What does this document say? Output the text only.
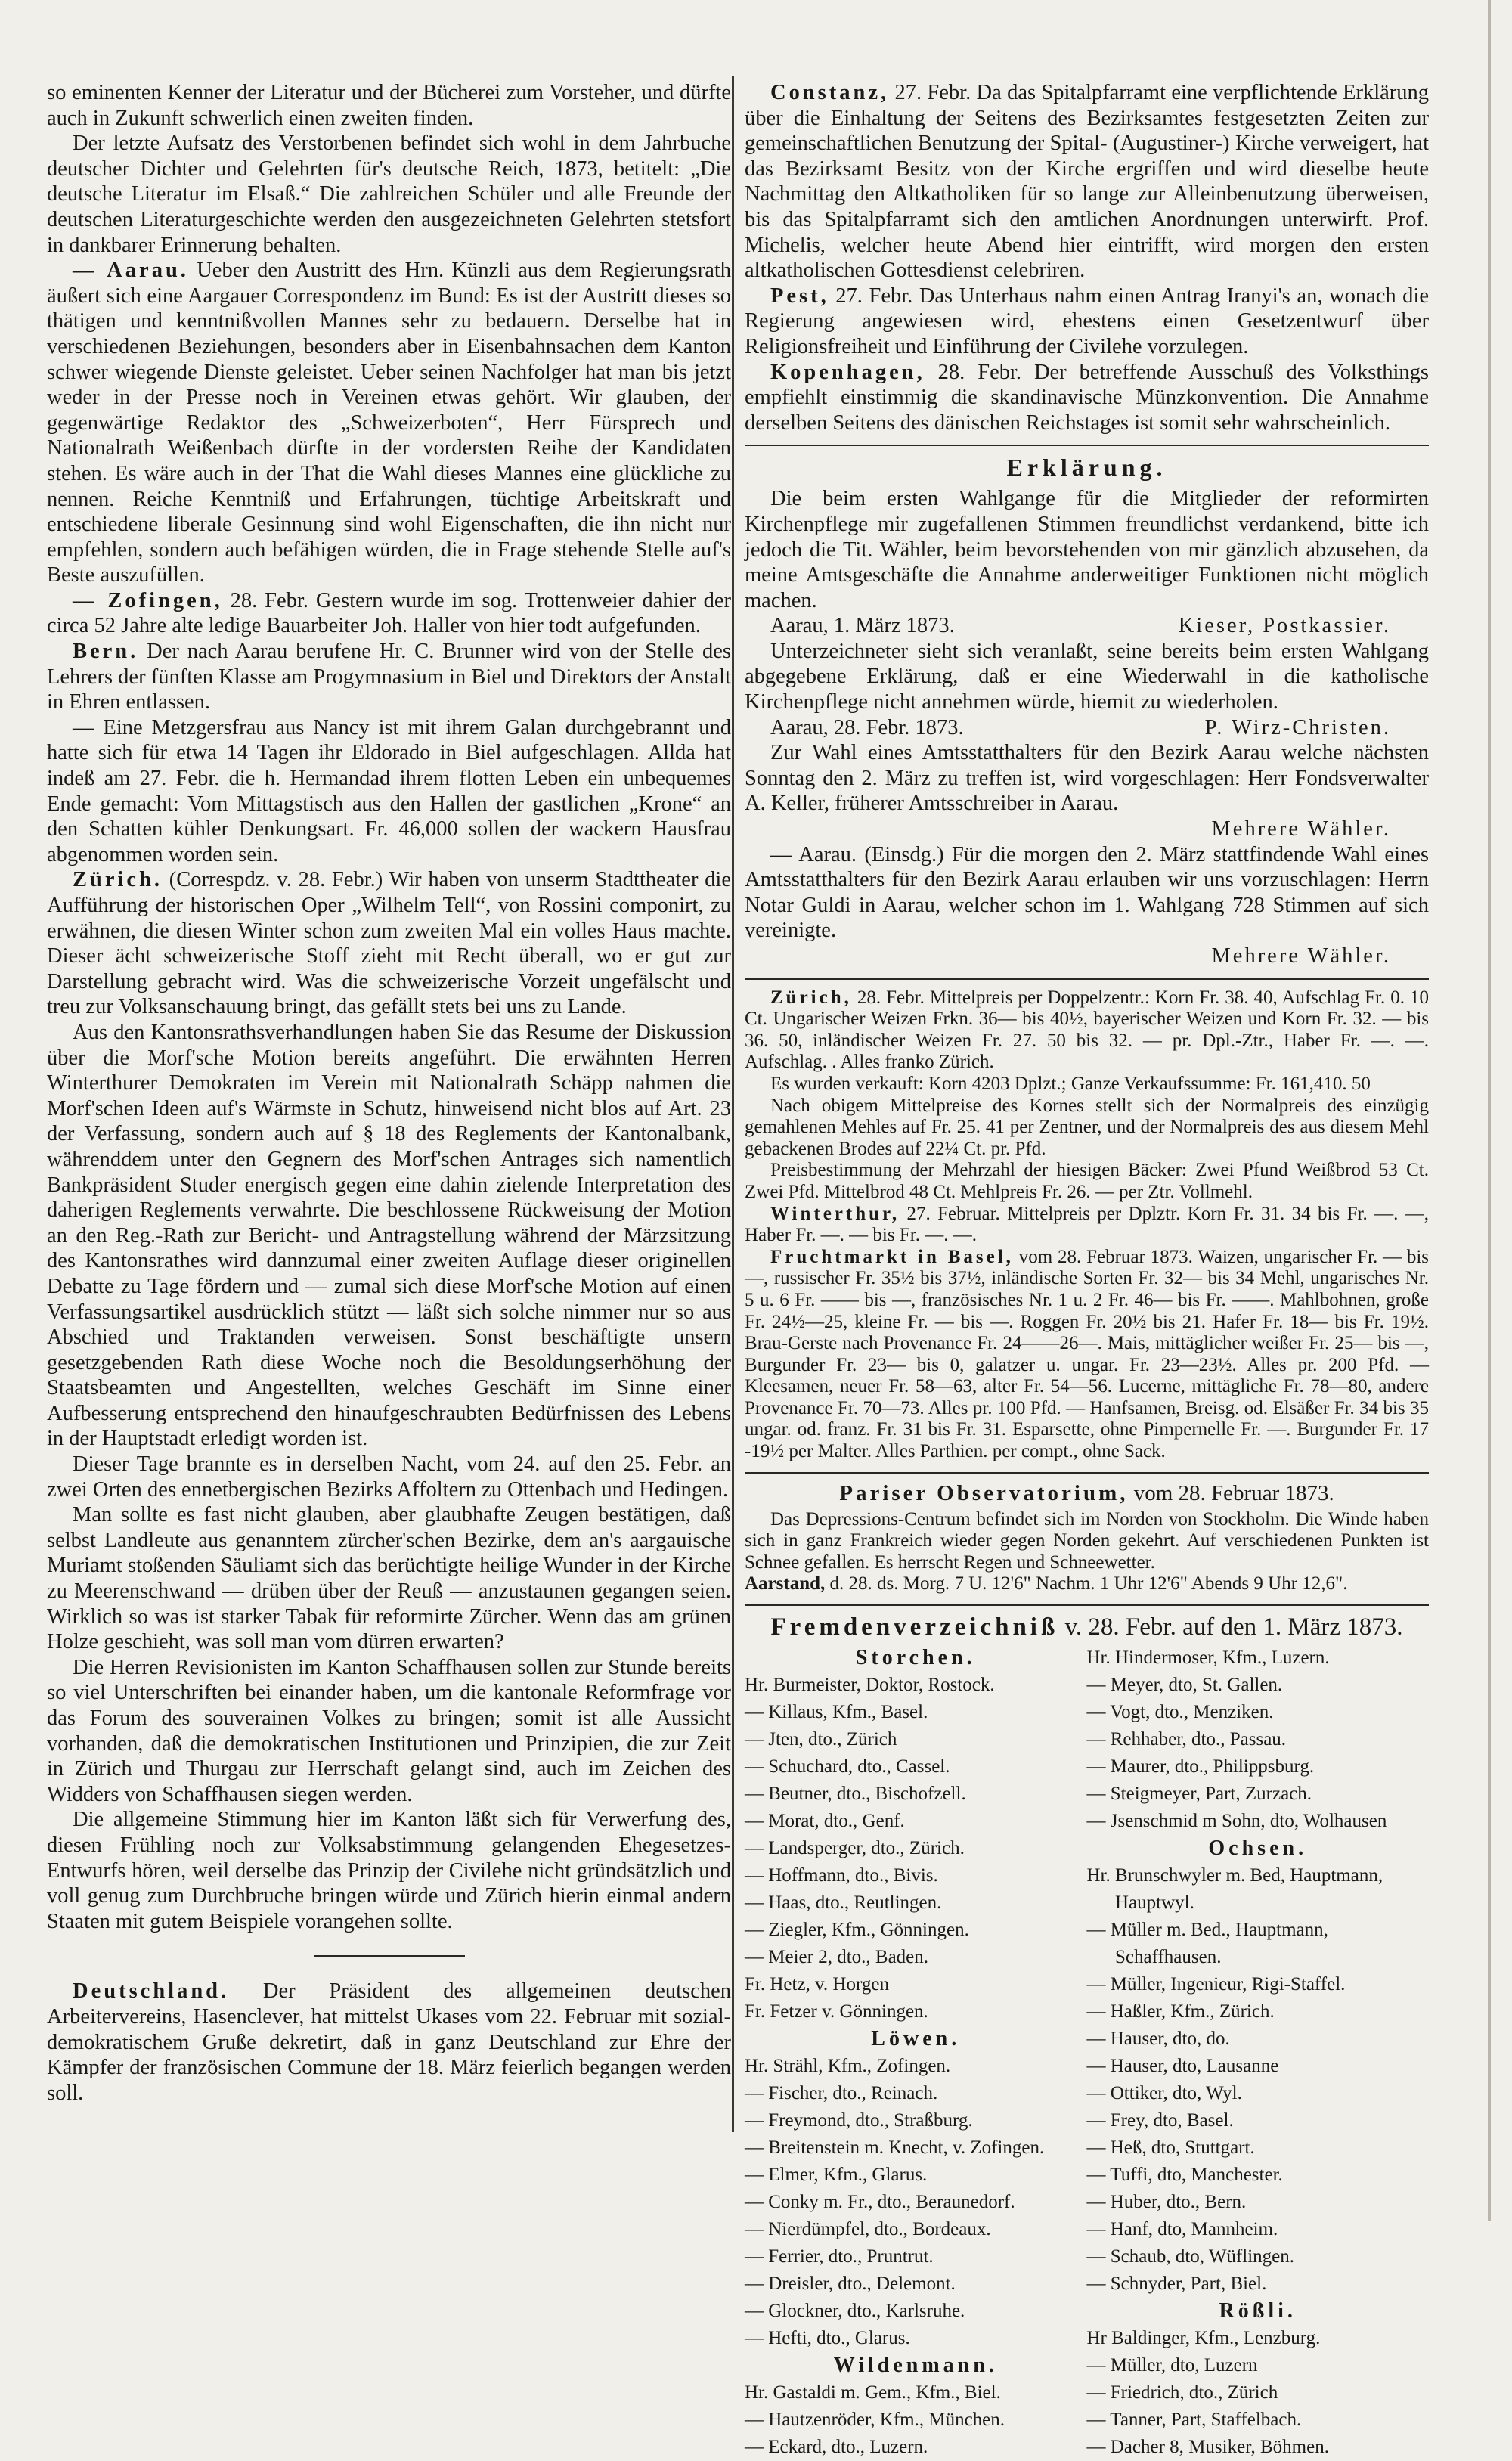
so eminenten Kenner der Literatur und der Bücherei zum Vorsteher, und dürfte auch in Zukunft schwerlich einen zweiten finden.

Der letzte Aufsatz des Verstorbenen befindet sich wohl in dem Jahrbuche deutscher Dichter und Gelehrten für's deutsche Reich, 1873, betitelt: „Die deutsche Literatur im Elsaß.“ Die zahlreichen Schüler und alle Freunde der deutschen Literaturgeschichte werden den ausgezeichneten Gelehrten stetsfort in dankbarer Erinnerung behalten.

— Aarau. Ueber den Austritt des Hrn. Künzli aus dem Regierungsrath äußert sich eine Aargauer Correspondenz im Bund: Es ist der Austritt dieses so thätigen und kenntnißvollen Mannes sehr zu bedauern. Derselbe hat in verschiedenen Beziehungen, besonders aber in Eisenbahnsachen dem Kanton schwer wiegende Dienste geleistet. Ueber seinen Nachfolger hat man bis jetzt weder in der Presse noch in Vereinen etwas gehört. Wir glauben, der gegenwärtige Redaktor des „Schweizerboten“, Herr Fürsprech und Nationalrath Weißenbach dürfte in der vordersten Reihe der Kandidaten stehen. Es wäre auch in der That die Wahl dieses Mannes eine glückliche zu nennen. Reiche Kenntniß und Erfahrungen, tüchtige Arbeitskraft und entschiedene liberale Gesinnung sind wohl Eigenschaften, die ihn nicht nur empfehlen, sondern auch befähigen würden, die in Frage stehende Stelle auf's Beste auszufüllen.

— Zofingen, 28. Febr. Gestern wurde im sog. Trottenweier dahier der circa 52 Jahre alte ledige Bauarbeiter Joh. Haller von hier todt aufgefunden.

Bern. Der nach Aarau berufene Hr. C. Brunner wird von der Stelle des Lehrers der fünften Klasse am Progymnasium in Biel und Direktors der Anstalt in Ehren entlassen.

— Eine Metzgersfrau aus Nancy ist mit ihrem Galan durchgebrannt und hatte sich für etwa 14 Tagen ihr Eldorado in Biel aufgeschlagen. Allda hat indeß am 27. Febr. die h. Hermandad ihrem flotten Leben ein unbequemes Ende gemacht: Vom Mittagstisch aus den Hallen der gastlichen „Krone“ an den Schatten kühler Denkungsart. Fr. 46,000 sollen der wackern Hausfrau abgenommen worden sein.

Zürich. (Correspdz. v. 28. Febr.) Wir haben von unserm Stadttheater die Aufführung der historischen Oper „Wilhelm Tell“, von Rossini componirt, zu erwähnen, die diesen Winter schon zum zweiten Mal ein volles Haus machte. Dieser ächt schweizerische Stoff zieht mit Recht überall, wo er gut zur Darstellung gebracht wird. Was die schweizerische Vorzeit ungefälscht und treu zur Volksanschauung bringt, das gefällt stets bei uns zu Lande.

Aus den Kantonsrathsverhandlungen haben Sie das Resume der Diskussion über die Morf'sche Motion bereits angeführt. Die erwähnten Herren Winterthurer Demokraten im Verein mit Nationalrath Schäpp nahmen die Morf'schen Ideen auf's Wärmste in Schutz, hinweisend nicht blos auf Art. 23 der Verfassung, sondern auch auf § 18 des Reglements der Kantonalbank, währenddem unter den Gegnern des Morf'schen Antrages sich namentlich Bankpräsident Studer energisch gegen eine dahin zielende Interpretation des daherigen Reglements verwahrte. Die beschlossene Rückweisung der Motion an den Reg.-Rath zur Bericht- und Antragstellung während der Märzsitzung des Kantonsrathes wird dannzumal einer zweiten Auflage dieser originellen Debatte zu Tage fördern und — zumal sich diese Morf'sche Motion auf einen Verfassungsartikel ausdrücklich stützt — läßt sich solche nimmer nur so aus Abschied und Traktanden verweisen. Sonst beschäftigte unsern gesetzgebenden Rath diese Woche noch die Besoldungserhöhung der Staatsbeamten und Angestellten, welches Geschäft im Sinne einer Aufbesserung entsprechend den hinaufgeschraubten Bedürfnissen des Lebens in der Hauptstadt erledigt worden ist.

Dieser Tage brannte es in derselben Nacht, vom 24. auf den 25. Febr. an zwei Orten des ennetbergischen Bezirks Affoltern zu Ottenbach und Hedingen.

Man sollte es fast nicht glauben, aber glaubhafte Zeugen bestätigen, daß selbst Landleute aus genanntem zürcher'schen Bezirke, dem an's aargauische Muriamt stoßenden Säuliamt sich das berüchtigte heilige Wunder in der Kirche zu Meerenschwand — drüben über der Reuß — anzustaunen gegangen seien. Wirklich so was ist starker Tabak für reformirte Zürcher. Wenn das am grünen Holze geschieht, was soll man vom dürren erwarten?

Die Herren Revisionisten im Kanton Schaffhausen sollen zur Stunde bereits so viel Unterschriften bei einander haben, um die kantonale Reformfrage vor das Forum des souverainen Volkes zu bringen; somit ist alle Aussicht vorhanden, daß die demokratischen Institutionen und Prinzipien, die zur Zeit in Zürich und Thurgau zur Herrschaft gelangt sind, auch im Zeichen des Widders von Schaffhausen siegen werden.

Die allgemeine Stimmung hier im Kanton läßt sich für Verwerfung des, diesen Frühling noch zur Volksabstimmung gelangenden Ehegesetzes-Entwurfs hören, weil derselbe das Prinzip der Civilehe nicht gründsätzlich und voll genug zum Durchbruche bringen würde und Zürich hierin einmal andern Staaten mit gutem Beispiele vorangehen sollte.

Deutschland. Der Präsident des allgemeinen deutschen Arbeitervereins, Hasenclever, hat mittelst Ukases vom 22. Februar mit sozial-demokratischem Gruße dekretirt, daß in ganz Deutschland zur Ehre der Kämpfer der französischen Commune der 18. März feierlich begangen werden soll.

Constanz, 27. Febr. Da das Spitalpfarramt eine verpflichtende Erklärung über die Einhaltung der Seitens des Bezirksamtes festgesetzten Zeiten zur gemeinschaftlichen Benutzung der Spital- (Augustiner-) Kirche verweigert, hat das Bezirksamt Besitz von der Kirche ergriffen und wird dieselbe heute Nachmittag den Altkatholiken für so lange zur Alleinbenutzung überweisen, bis das Spitalpfarramt sich den amtlichen Anordnungen unterwirft. Prof. Michelis, welcher heute Abend hier eintrifft, wird morgen den ersten altkatholischen Gottesdienst celebriren.

Pest, 27. Febr. Das Unterhaus nahm einen Antrag Iranyi's an, wonach die Regierung angewiesen wird, ehestens einen Gesetzentwurf über Religionsfreiheit und Einführung der Civilehe vorzulegen.

Kopenhagen, 28. Febr. Der betreffende Ausschuß des Volksthings empfiehlt einstimmig die skandinavische Münzkonvention. Die Annahme derselben Seitens des dänischen Reichstages ist somit sehr wahrscheinlich.

Erklärung.

Die beim ersten Wahlgange für die Mitglieder der reformirten Kirchenpflege mir zugefallenen Stimmen freundlichst verdankend, bitte ich jedoch die Tit. Wähler, beim bevorstehenden von mir gänzlich abzusehen, da meine Amtsgeschäfte die Annahme anderweitiger Funktionen nicht möglich machen.

Aarau, 1. März 1873.	Kieser, Postkassier.

Unterzeichneter sieht sich veranlaßt, seine bereits beim ersten Wahlgang abgegebene Erklärung, daß er eine Wiederwahl in die katholische Kirchenpflege nicht annehmen würde, hiemit zu wiederholen.

Aarau, 28. Febr. 1873.	P. Wirz-Christen.

Zur Wahl eines Amtsstatthalters für den Bezirk Aarau welche nächsten Sonntag den 2. März zu treffen ist, wird vorgeschlagen: Herr Fondsverwalter A. Keller, früherer Amtsschreiber in Aarau.

Mehrere Wähler.

— Aarau. (Einsdg.) Für die morgen den 2. März stattfindende Wahl eines Amtsstatthalters für den Bezirk Aarau erlauben wir uns vorzuschlagen: Herrn Notar Guldi in Aarau, welcher schon im 1. Wahlgang 728 Stimmen auf sich vereinigte.

Mehrere Wähler.

Zürich, 28. Febr. Mittelpreis per Doppelzentr.: Korn Fr. 38. 40, Aufschlag Fr. 0. 10 Ct. Ungarischer Weizen Frkn. 36— bis 40½, bayerischer Weizen und Korn Fr. 32. — bis 36. 50, inländischer Weizen Fr. 27. 50 bis 32. — pr. Dpl.-Ztr., Haber Fr. —. —. Aufschlag. . Alles franko Zürich.

Es wurden verkauft: Korn 4203 Dplzt.; Ganze Verkaufssumme: Fr. 161,410. 50

Nach obigem Mittelpreise des Kornes stellt sich der Normalpreis des einzügig gemahlenen Mehles auf Fr. 25. 41 per Zentner, und der Normalpreis des aus diesem Mehl gebackenen Brodes auf 22¼ Ct. pr. Pfd.

Preisbestimmung der Mehrzahl der hiesigen Bäcker: Zwei Pfund Weißbrod 53 Ct. Zwei Pfd. Mittelbrod 48 Ct. Mehlpreis Fr. 26. — per Ztr. Vollmehl.

Winterthur, 27. Februar. Mittelpreis per Dplztr. Korn Fr. 31. 34 bis Fr. —. —, Haber Fr. —. — bis Fr. —. —.

Fruchtmarkt in Basel, vom 28. Februar 1873. Waizen, ungarischer Fr. — bis—, russischer Fr. 35½ bis 37½, inländische Sorten Fr. 32— bis 34 Mehl, ungarisches Nr. 5 u. 6 Fr. —— bis —, französisches Nr. 1 u. 2 Fr. 46— bis Fr. ——. Mahlbohnen, große Fr. 24½—25, kleine Fr. — bis —. Roggen Fr. 20½ bis 21. Hafer Fr. 18— bis Fr. 19½. Brau-Gerste nach Provenance Fr. 24——26—. Mais, mittäglicher weißer Fr. 25— bis —, Burgunder Fr. 23— bis 0, galatzer u. ungar. Fr. 23—23½. Alles pr. 200 Pfd. — Kleesamen, neuer Fr. 58—63, alter Fr. 54—56. Lucerne, mittägliche Fr. 78—80, andere Provenance Fr. 70—73. Alles pr. 100 Pfd. — Hanfsamen, Breisg. od. Elsäßer Fr. 34 bis 35 ungar. od. franz. Fr. 31 bis Fr. 31. Esparsette, ohne Pimpernelle Fr. —. Burgunder Fr. 17 -19½ per Malter. Alles Parthien. per compt., ohne Sack.

Pariser Observatorium, vom 28. Februar 1873.

Das Depressions-Centrum befindet sich im Norden von Stockholm. Die Winde haben sich in ganz Frankreich wieder gegen Norden gekehrt. Auf verschiedenen Punkten ist Schnee gefallen. Es herrscht Regen und Schneewetter.

Aarstand, d. 28. ds. Morg. 7 U. 12'6" Nachm. 1 Uhr 12'6" Abends 9 Uhr 12,6".

Fremdenverzeichniß v. 28. Febr. auf den 1. März 1873.
Storchen.
Hr. Burmeister, Doktor, Rostock.
— Killaus, Kfm., Basel.
— Jten, dto., Zürich
— Schuchard, dto., Cassel.
— Beutner, dto., Bischofzell.
— Morat, dto., Genf.
— Landsperger, dto., Zürich.
— Hoffmann, dto., Bivis.
— Haas, dto., Reutlingen.
— Ziegler, Kfm., Gönningen.
— Meier 2, dto., Baden.
Fr. Hetz, v. Horgen
Fr. Fetzer v. Gönningen.
Löwen.
Hr. Strähl, Kfm., Zofingen.
— Fischer, dto., Reinach.
— Freymond, dto., Straßburg.
— Breitenstein m. Knecht, v. Zofingen.
— Elmer, Kfm., Glarus.
— Conky m. Fr., dto., Beraunedorf.
— Nierdümpfel, dto., Bordeaux.
— Ferrier, dto., Pruntrut.
— Dreisler, dto., Delemont.
— Glockner, dto., Karlsruhe.
— Hefti, dto., Glarus.
Wildenmann.
Hr. Gastaldi m. Gem., Kfm., Biel.
— Hautzenröder, Kfm., München.
— Eckard, dto., Luzern.
Hr. Hindermoser, Kfm., Luzern.
— Meyer, dto, St. Gallen.
— Vogt, dto., Menziken.
— Rehhaber, dto., Passau.
— Maurer, dto., Philippsburg.
— Steigmeyer, Part, Zurzach.
— Jsenschmid m Sohn, dto, Wolhausen
Ochsen.
Hr. Brunschwyler m. Bed, Hauptmann,
Hauptwyl.
— Müller m. Bed., Hauptmann,
Schaffhausen.
— Müller, Ingenieur, Rigi-Staffel.
— Haßler, Kfm., Zürich.
— Hauser, dto, do.
— Hauser, dto, Lausanne
— Ottiker, dto, Wyl.
— Frey, dto, Basel.
— Heß, dto, Stuttgart.
— Tuffi, dto, Manchester.
— Huber, dto., Bern.
— Hanf, dto, Mannheim.
— Schaub, dto, Wüflingen.
— Schnyder, Part, Biel.
Rößli.
Hr Baldinger, Kfm., Lenzburg.
— Müller, dto, Luzern
— Friedrich, dto., Zürich
— Tanner, Part, Staffelbach.
— Dacher 8, Musiker, Böhmen.
